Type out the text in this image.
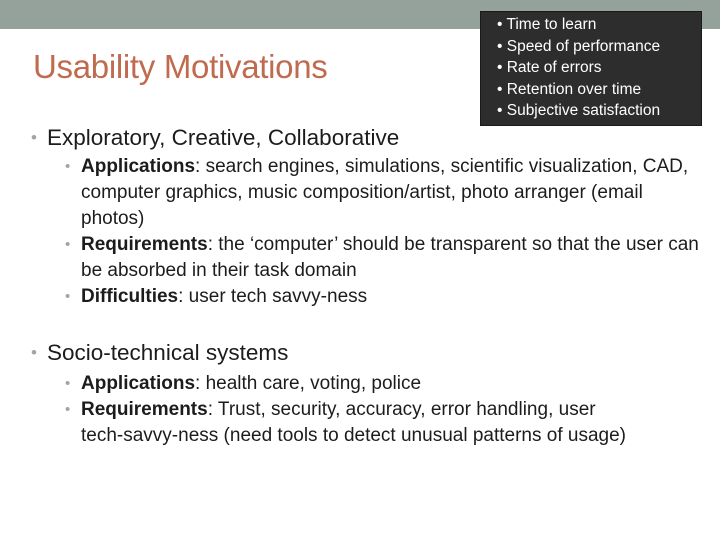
Usability Motivations
• Time to learn
• Speed of performance
• Rate of errors
• Retention over time
• Subjective satisfaction
• Exploratory, Creative, Collaborative
• Applications: search engines, simulations, scientific visualization, CAD, computer graphics, music composition/artist, photo arranger (email photos)
• Requirements: the ‘computer’ should be transparent so that the user can be absorbed in their task domain
• Difficulties: user tech savvy-ness
• Socio-technical systems
• Applications: health care, voting, police
• Requirements: Trust, security, accuracy, error handling, user tech-savvy-ness (need tools to detect unusual patterns of usage)
